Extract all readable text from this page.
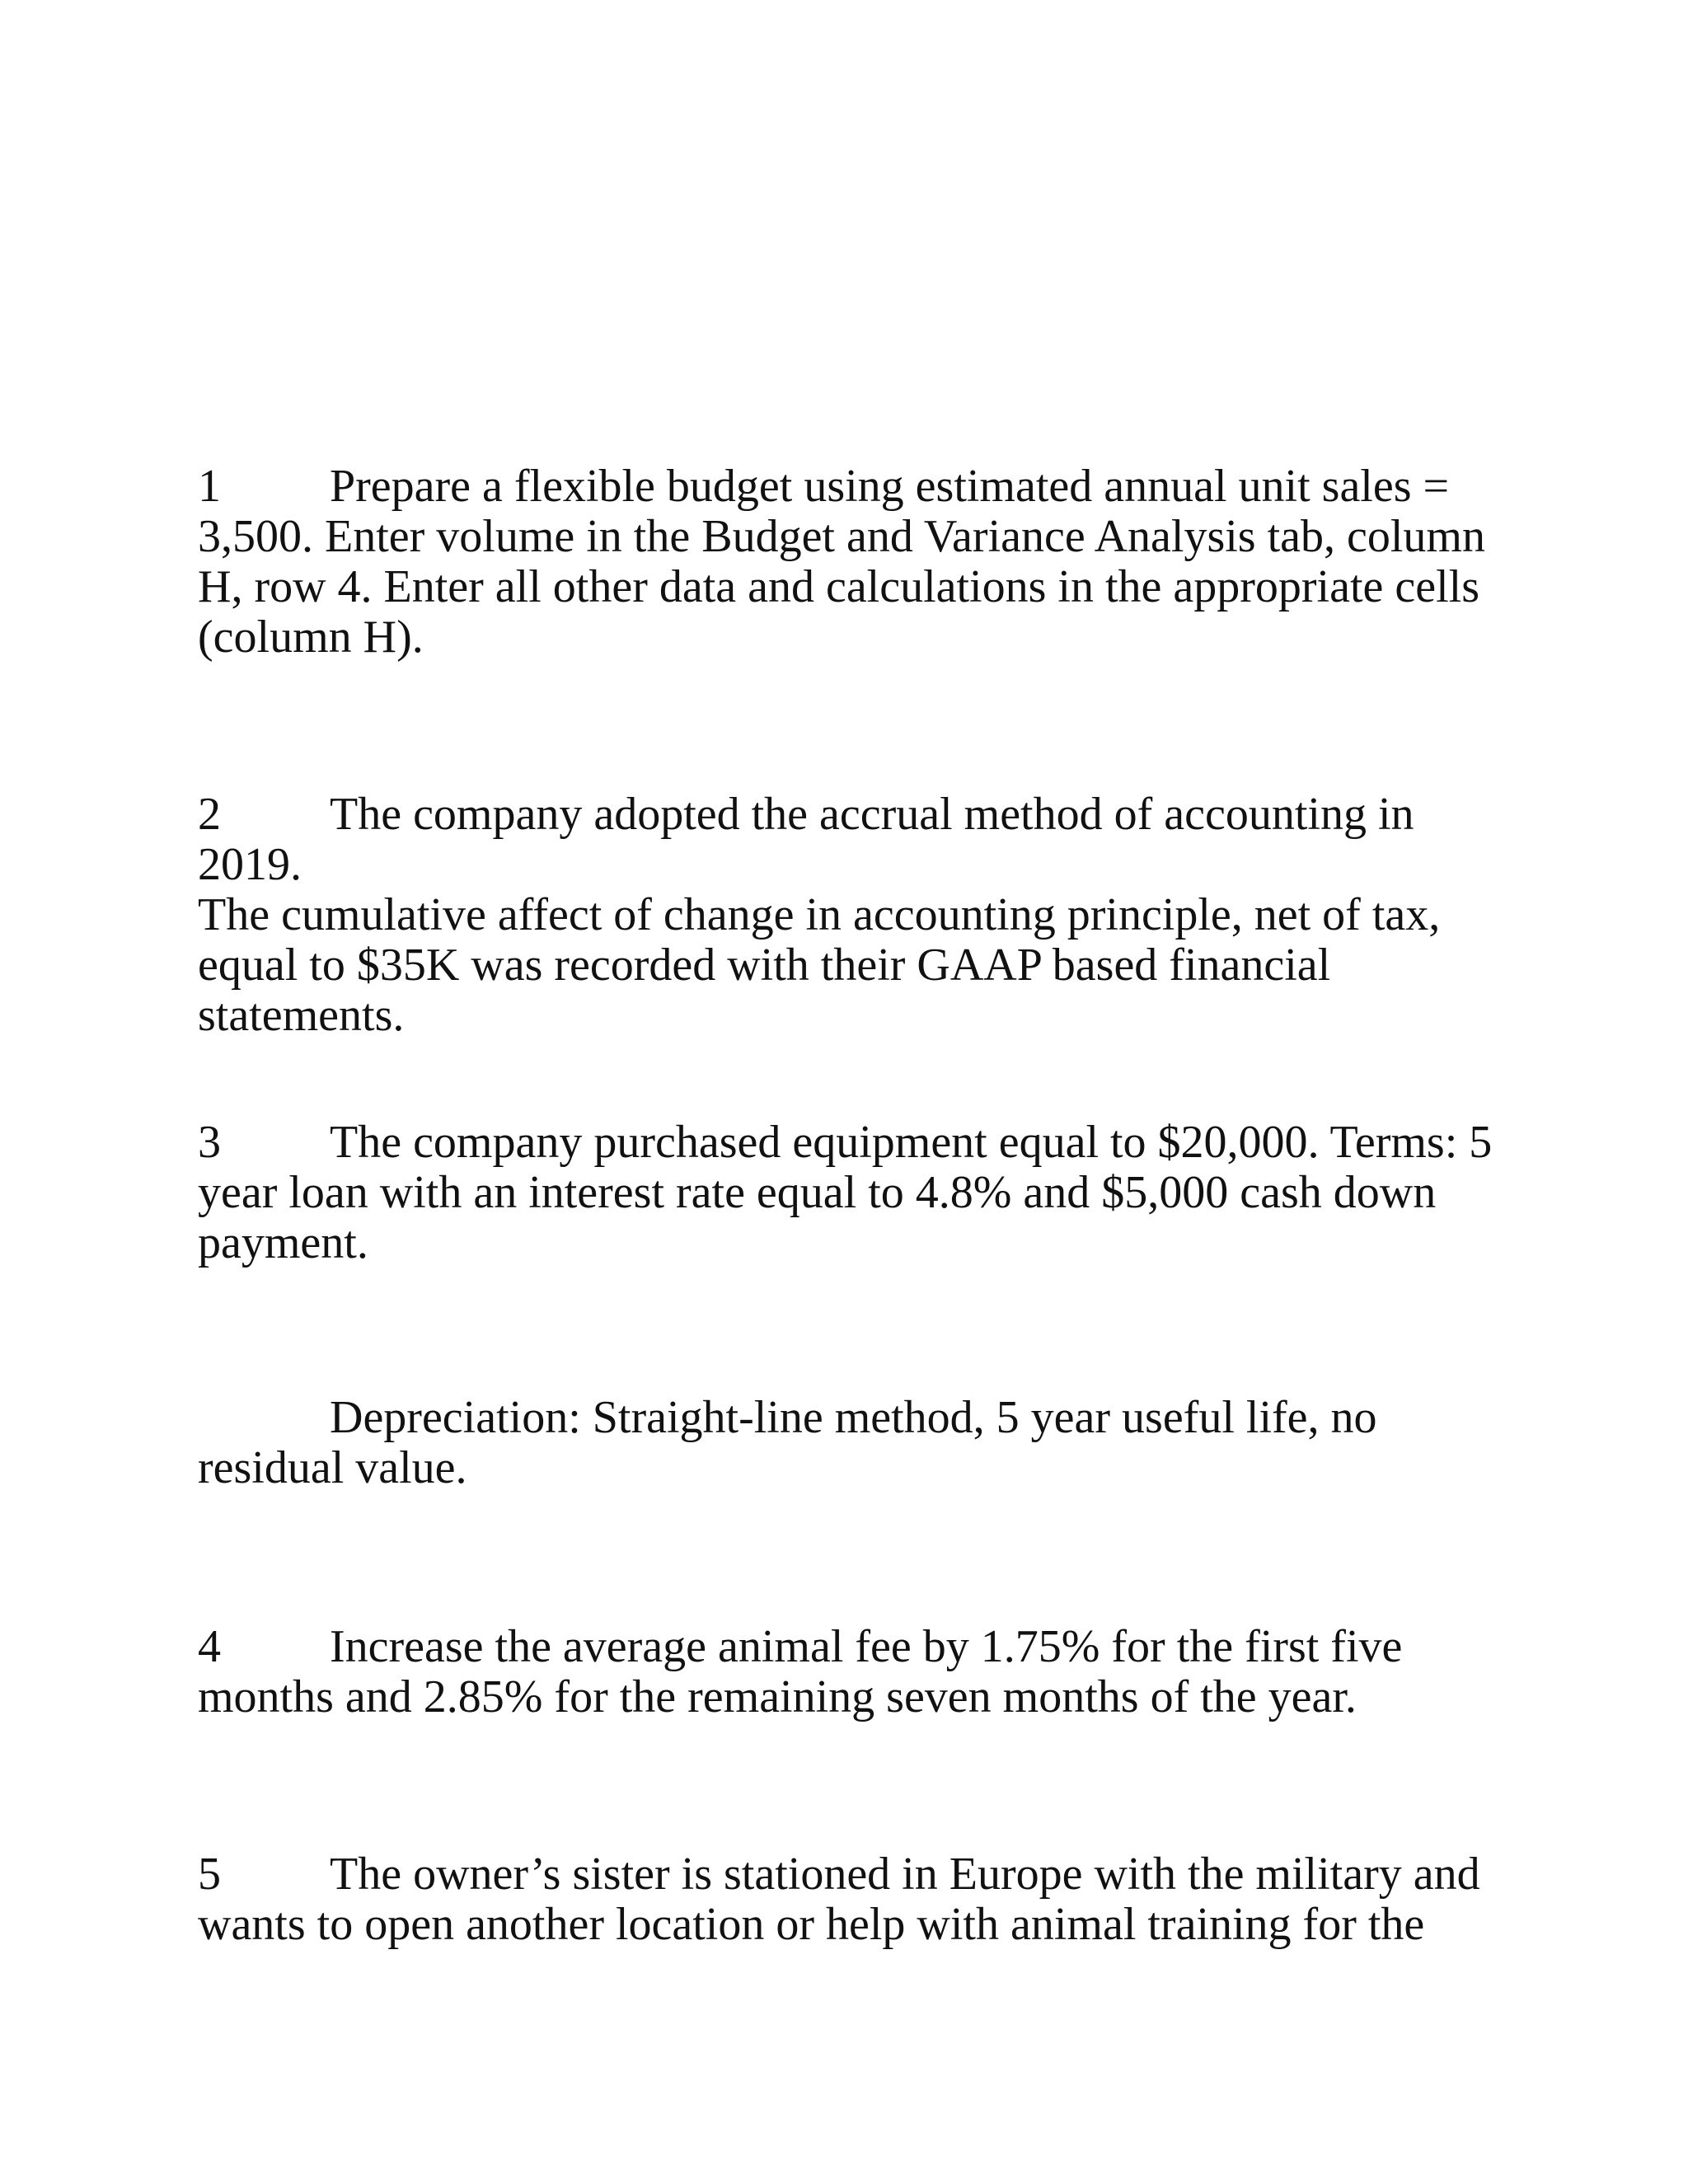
1 Prepare a flexible budget using estimated annual unit sales =
3,500. Enter volume in the Budget and Variance Analysis tab, column
H, row 4. Enter all other data and calculations in the appropriate cells
(column H).

2 The company adopted the accrual method of accounting in 2019.
The cumulative affect of change in accounting principle, net of tax,
equal to $35K was recorded with their GAAP based financial
statements.

3 The company purchased equipment equal to $20,000. Terms: 5
year loan with an interest rate equal to 4.8% and $5,000 cash down
payment.

Depreciation: Straight-line method, 5 year useful life, no
residual value.

4 Increase the average animal fee by 1.75% for the first five
months and 2.85% for the remaining seven months of the year.

5 The owner’s sister is stationed in Europe with the military and
wants to open another location or help with animal training for the
